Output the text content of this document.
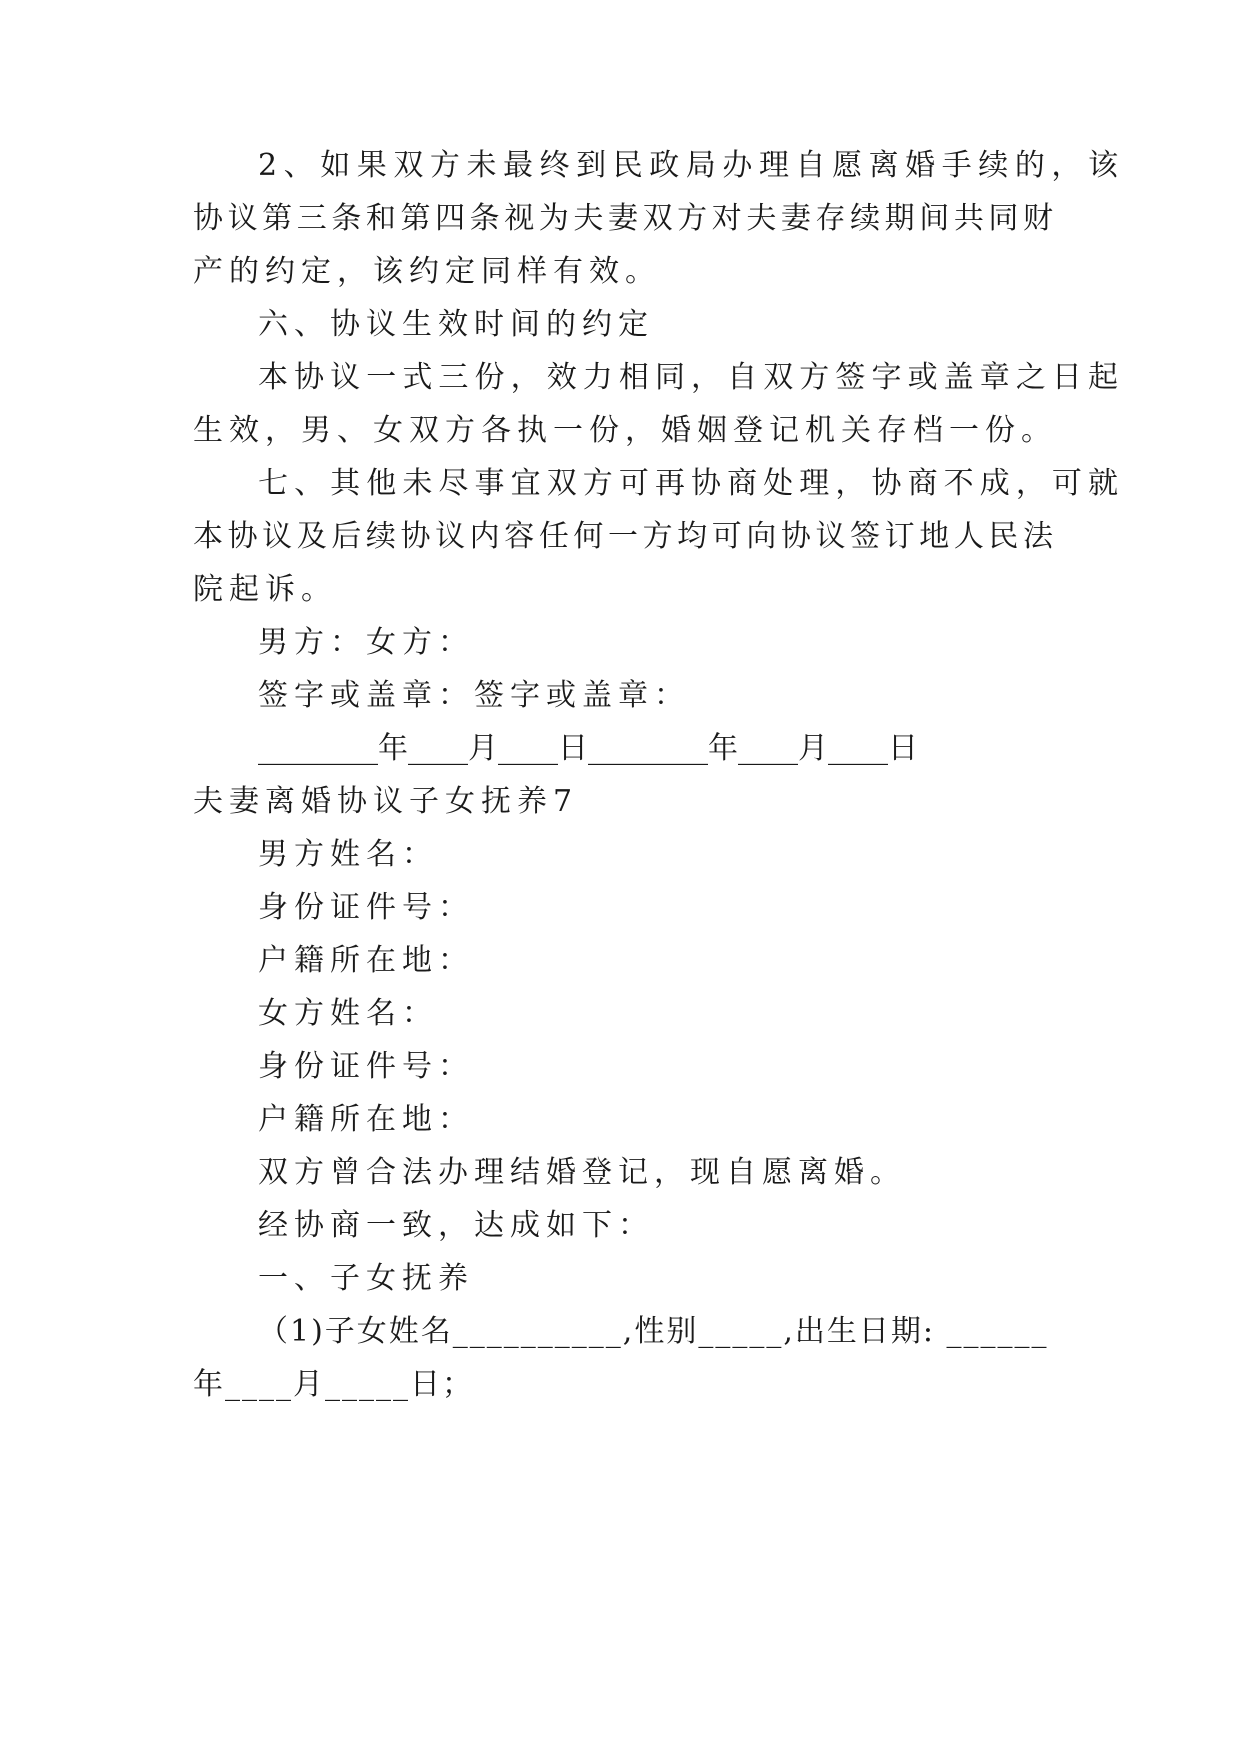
2、如果双方未最终到民政局办理自愿离婚手续的，该
协议第三条和第四条视为夫妻双方对夫妻存续期间共同财
产的约定，该约定同样有效。
六、协议生效时间的约定
本协议一式三份，效力相同，自双方签字或盖章之日起
生效，男、女双方各执一份，婚姻登记机关存档一份。
七、其他未尽事宜双方可再协商处理，协商不成，可就
本协议及后续协议内容任何一方均可向协议签订地人民法
院起诉。
男方：女方：
签字或盖章：签字或盖章：
________年____月____日________年____月____日
夫妻离婚协议子女抚养7
男方姓名：
身份证件号：
户籍所在地：
女方姓名：
身份证件号：
户籍所在地：
双方曾合法办理结婚登记，现自愿离婚。
经协商一致，达成如下：
一、子女抚养
（1)子女姓名__________,性别_____,出生日期: ______
年____月_____日；
